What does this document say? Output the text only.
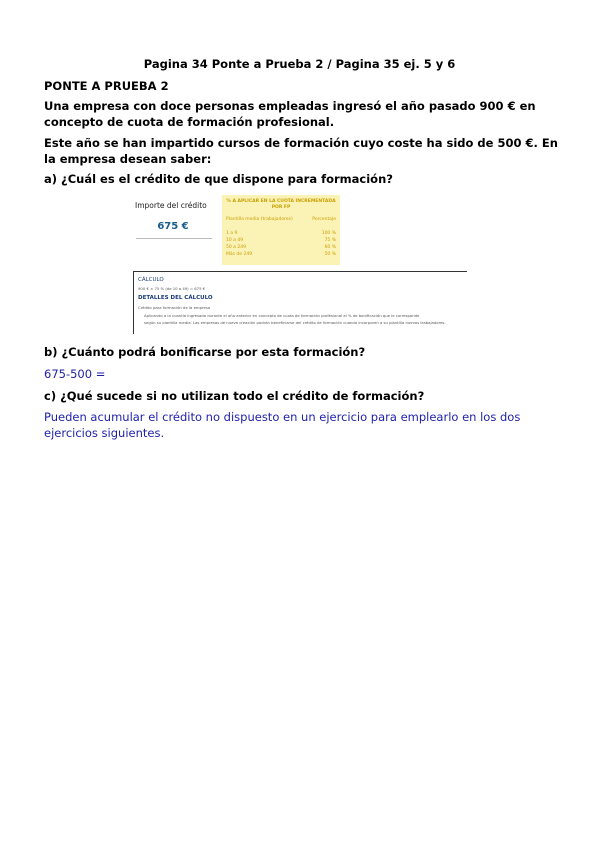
Pagina 34 Ponte a Prueba 2 / Pagina 35 ej. 5 y 6
PONTE A PRUEBA 2
Una empresa con doce personas empleadas ingresó el año pasado 900 € en concepto de cuota de formación profesional.
Este año se han impartido cursos de formación cuyo coste ha sido de 500 €. En la empresa desean saber:
a) ¿Cuál es el crédito de que dispone para formación?
Importe del crédito
675 €
% A APLICAR EN LA CUOTA INCREMENTADA POR FP
Plantilla media (trabajadores)	Porcentaje
1 a 9	100 %
10 a 49	75 %
50 a 249	60 %
Más de 249	50 %
CÁLCULO
900 € × 75 % (de 10 a 49) = 675 €
DETALLES DEL CÁLCULO
Crédito para formación de la empresa
Aplicando a la cuantía ingresada durante el año anterior en concepto de cuota de formación profesional el % de bonificación que le corresponde
según su plantilla media. Las empresas de nueva creación podrán beneficiarse del crédito de formación cuando incorporen a su plantilla nuevos trabajadores.
b) ¿Cuánto podrá bonificarse por esta formación?
675-500 =
c) ¿Qué sucede si no utilizan todo el crédito de formación?
Pueden acumular el crédito no dispuesto en un ejercicio para emplearlo en los dos ejercicios siguientes.
